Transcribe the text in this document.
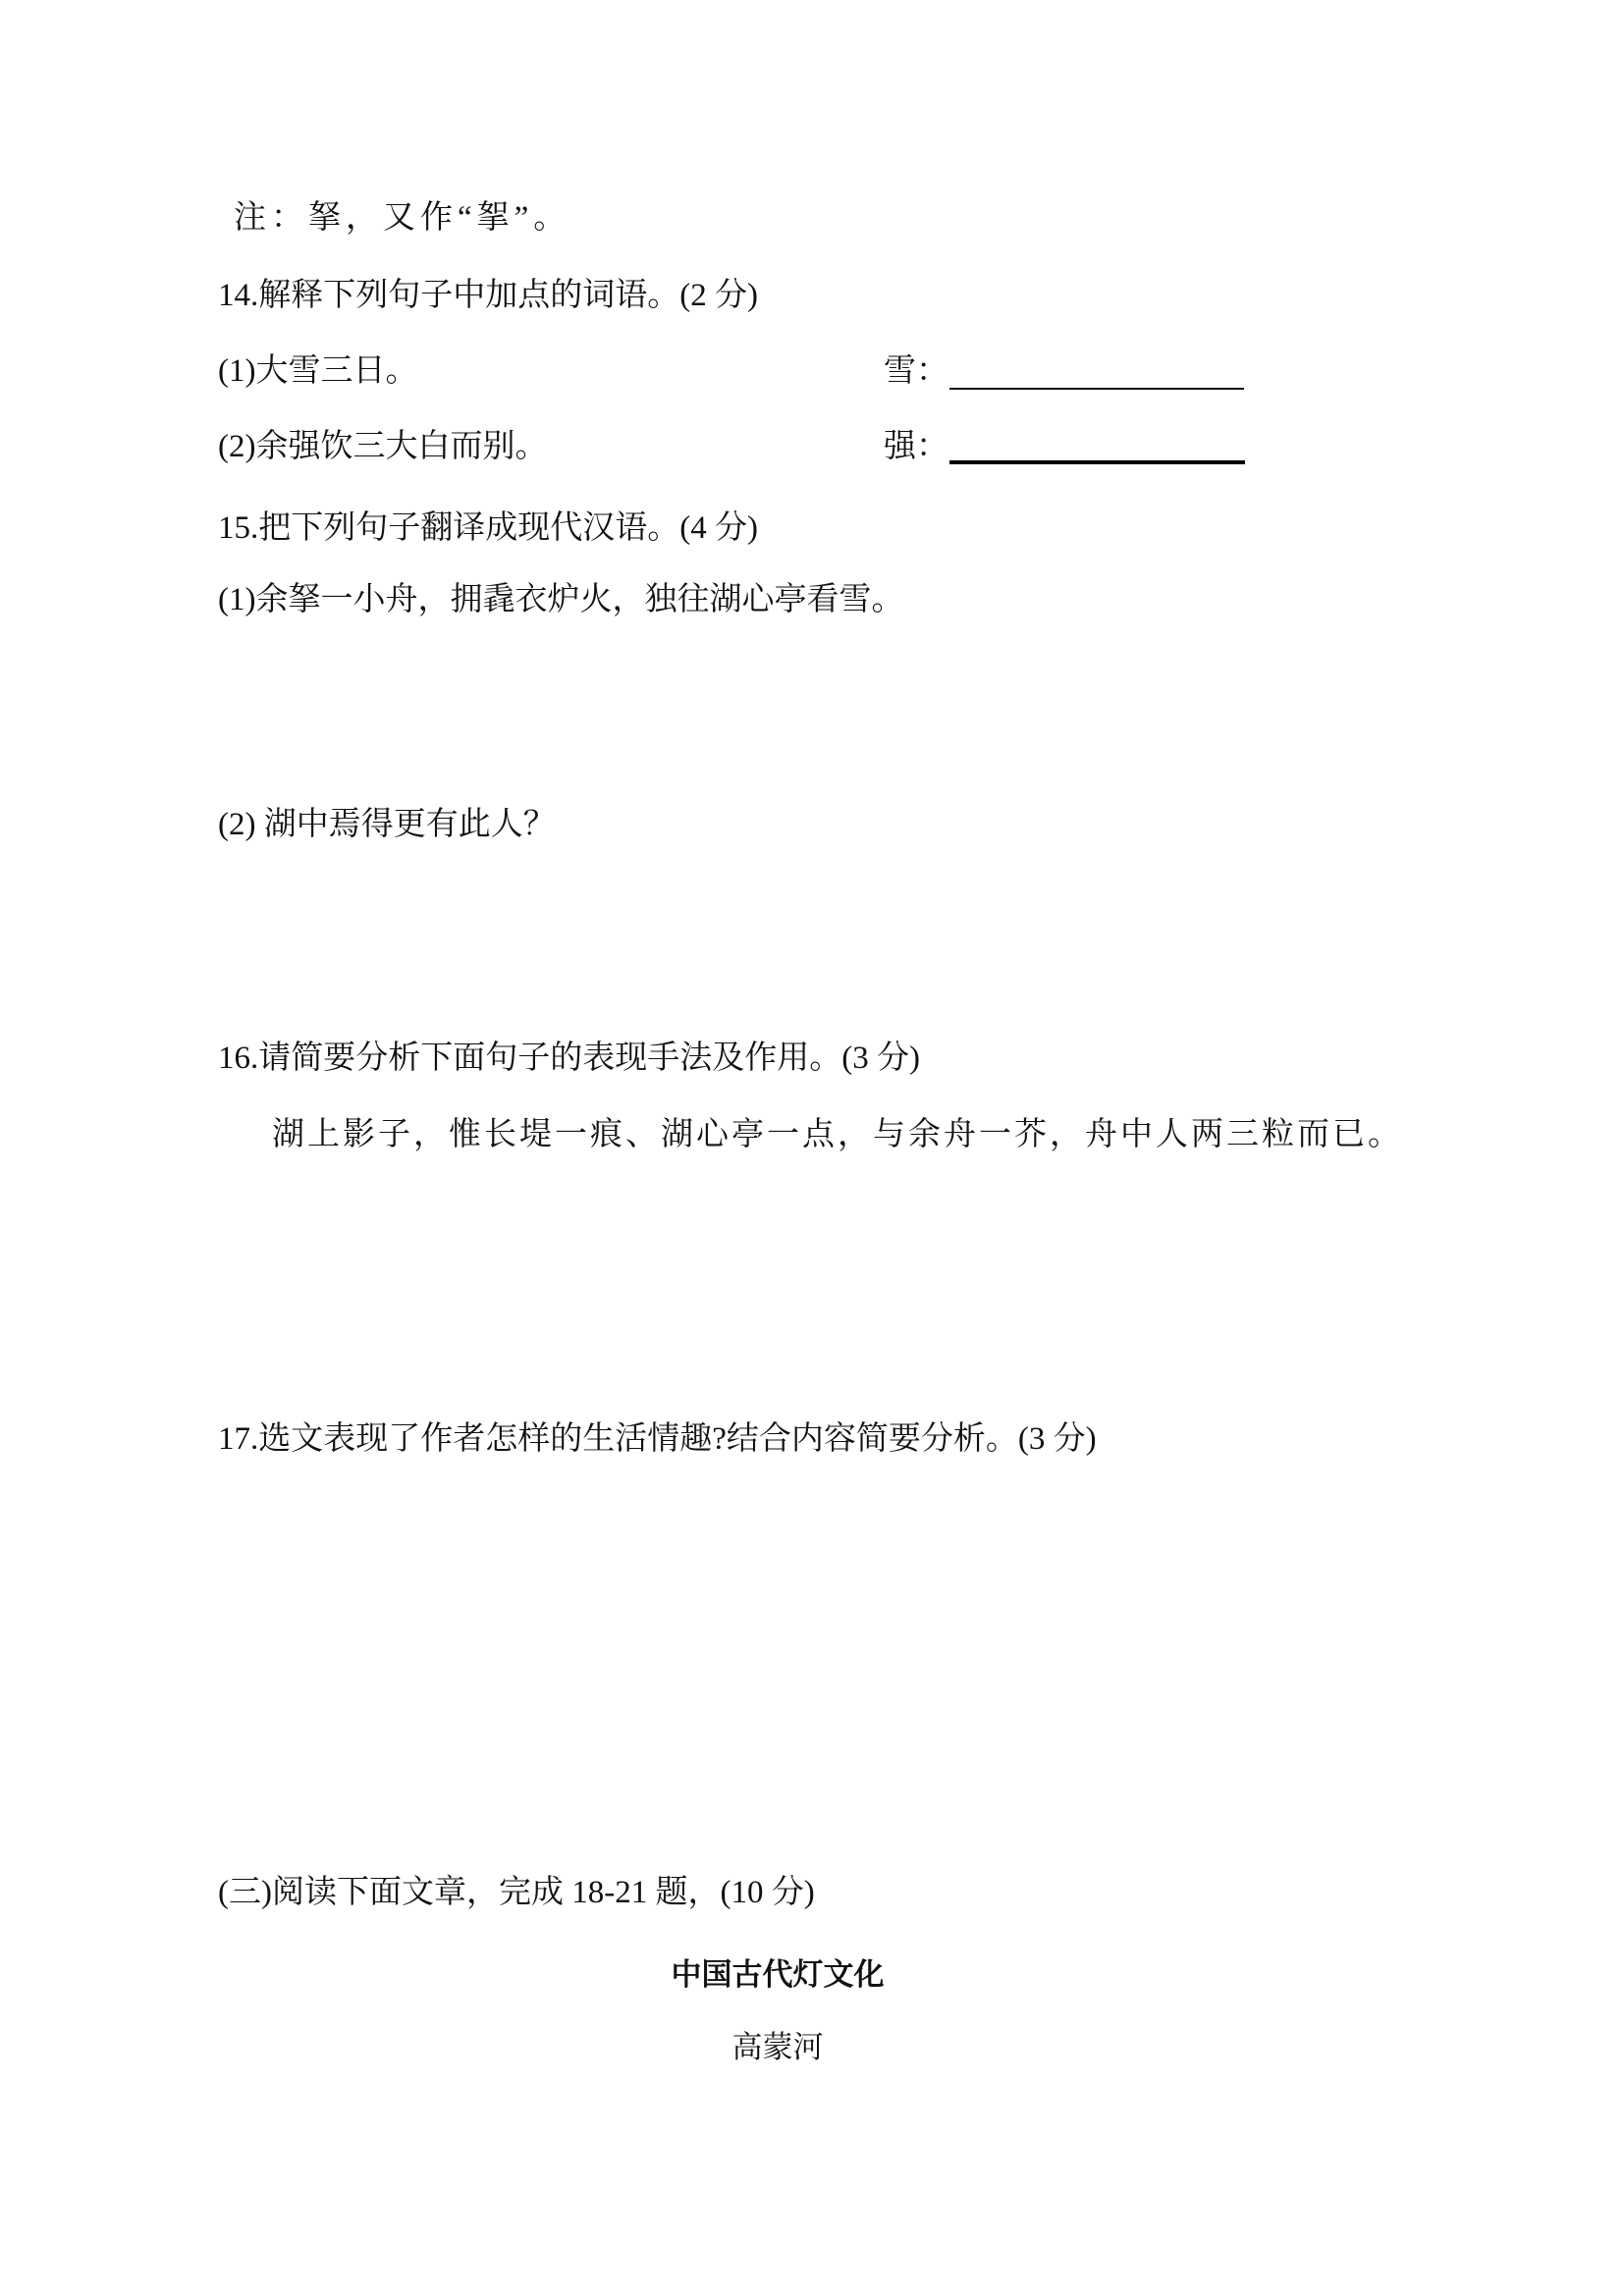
注：拏，又作“挐”。
14.解释下列句子中加点的词语。(2 分)
(1)大雪三日。	雪：
(2)余强饮三大白而别。	强：
15.把下列句子翻译成现代汉语。(4 分)
(1)余拏一小舟，拥毳衣炉火，独往湖心亭看雪。
(2) 湖中焉得更有此人？
16.请简要分析下面句子的表现手法及作用。(3 分)
湖上影子，惟长堤一痕、湖心亭一点，与余舟一芥，舟中人两三粒而已。
17.选文表现了作者怎样的生活情趣?结合内容简要分析。(3 分)
(三)阅读下面文章，完成 18-21 题，(10 分)
中国古代灯文化
高蒙河
